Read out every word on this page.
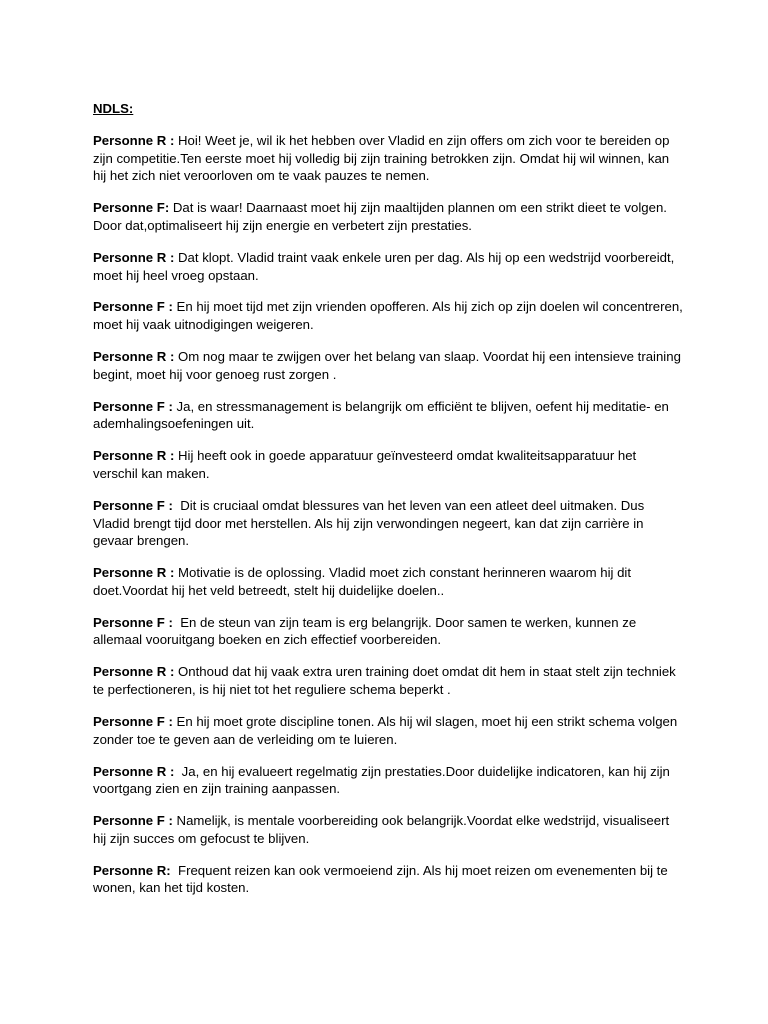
NDLS:

Personne R : Hoi! Weet je, wil ik het hebben over Vladid en zijn offers om zich voor te bereiden op zijn competitie.Ten eerste moet hij volledig bij zijn training betrokken zijn. Omdat hij wil winnen, kan hij het zich niet veroorloven om te vaak pauzes te nemen.

Personne F: Dat is waar! Daarnaast moet hij zijn maaltijden plannen om een strikt dieet te volgen. Door dat,optimaliseert hij zijn energie en verbetert zijn prestaties.

Personne R : Dat klopt. Vladid traint vaak enkele uren per dag. Als hij op een wedstrijd voorbereidt, moet hij heel vroeg opstaan.

Personne F : En hij moet tijd met zijn vrienden opofferen. Als hij zich op zijn doelen wil concentreren, moet hij vaak uitnodigingen weigeren.

Personne R : Om nog maar te zwijgen over het belang van slaap. Voordat hij een intensieve training begint, moet hij voor genoeg rust zorgen .

Personne F : Ja, en stressmanagement is belangrijk om efficiënt te blijven, oefent hij meditatie- en ademhalingsoefeningen uit.

Personne R : Hij heeft ook in goede apparatuur geïnvesteerd omdat kwaliteitsapparatuur het verschil kan maken.

Personne F :  Dit is cruciaal omdat blessures van het leven van een atleet deel uitmaken. Dus Vladid brengt tijd door met herstellen. Als hij zijn verwondingen negeert, kan dat zijn carrière in gevaar brengen.

Personne R : Motivatie is de oplossing. Vladid moet zich constant herinneren waarom hij dit doet.Voordat hij het veld betreedt, stelt hij duidelijke doelen..

Personne F :  En de steun van zijn team is erg belangrijk. Door samen te werken, kunnen ze allemaal vooruitgang boeken en zich effectief voorbereiden.

Personne R : Onthoud dat hij vaak extra uren training doet omdat dit hem in staat stelt zijn techniek te perfectioneren, is hij niet tot het reguliere schema beperkt .

Personne F : En hij moet grote discipline tonen. Als hij wil slagen, moet hij een strikt schema volgen zonder toe te geven aan de verleiding om te luieren.

Personne R :  Ja, en hij evalueert regelmatig zijn prestaties.Door duidelijke indicatoren, kan hij zijn voortgang zien en zijn training aanpassen.

Personne F : Namelijk, is mentale voorbereiding ook belangrijk.Voordat elke wedstrijd, visualiseert hij zijn succes om gefocust te blijven.

Personne R:  Frequent reizen kan ook vermoeiend zijn. Als hij moet reizen om evenementen bij te wonen, kan het tijd kosten.
